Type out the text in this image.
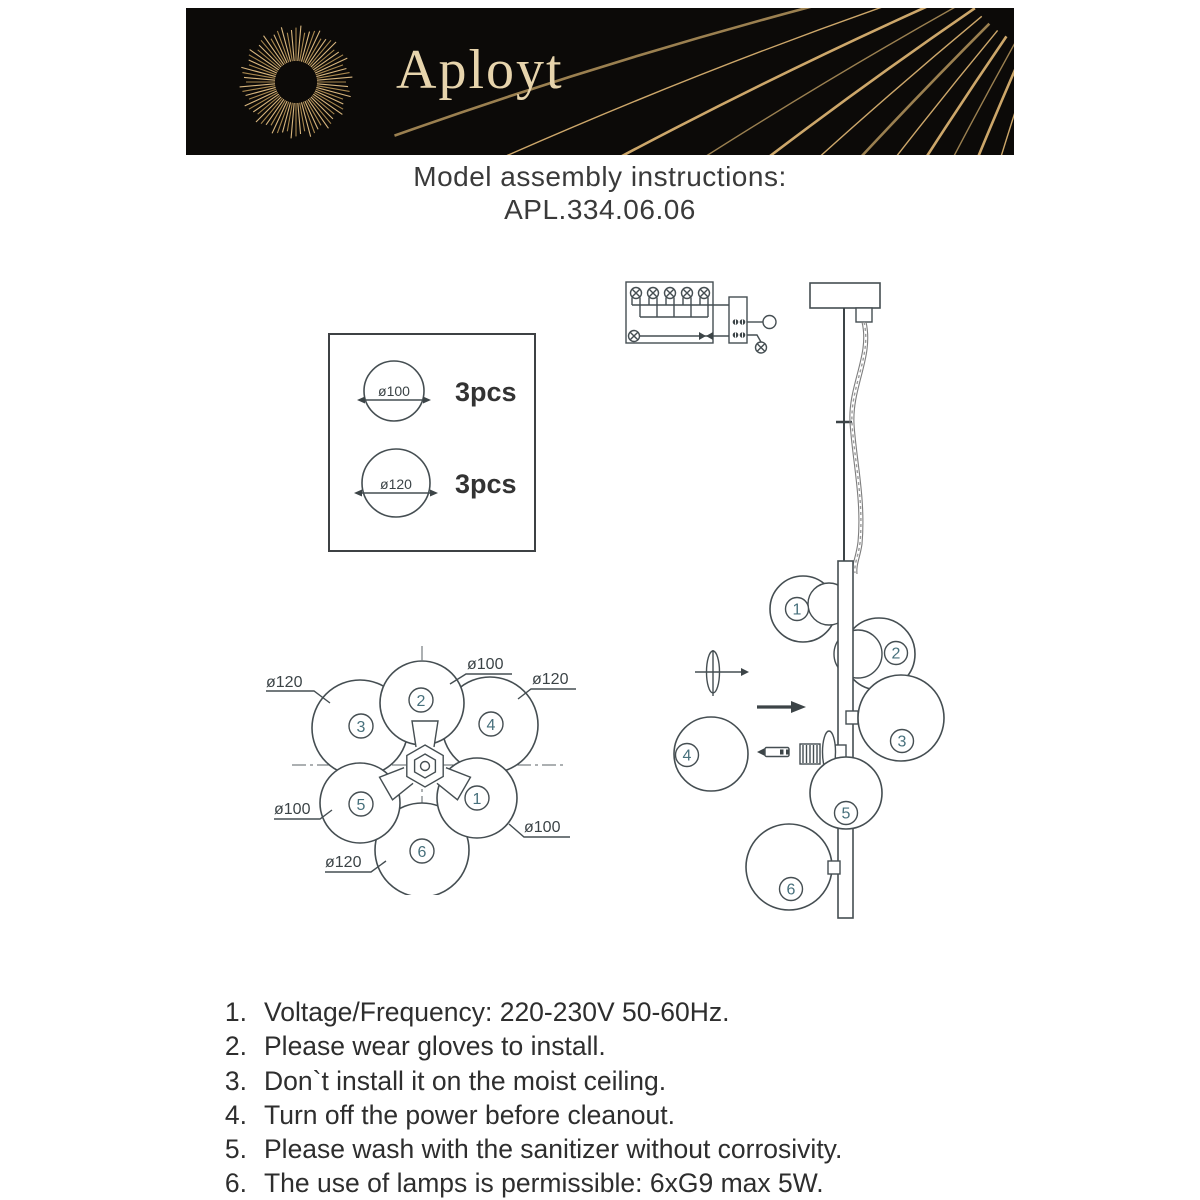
Aployt
Model assembly instructions:
APL.334.06.06
ø100 3pcs
ø120 3pcs
1
2
3	4
5
6
ø120
ø100
ø120
ø100
ø100
ø120
1
2
3
4
5
6
1. Voltage/Frequency: 220-230V 50-60Hz.
2. Please wear gloves to install.
3. Don`t install it on the moist ceiling.
4. Turn off the power before cleanout.
5. Please wash with the sanitizer without corrosivity.
6. The use of lamps is permissible: 6xG9 max 5W.
